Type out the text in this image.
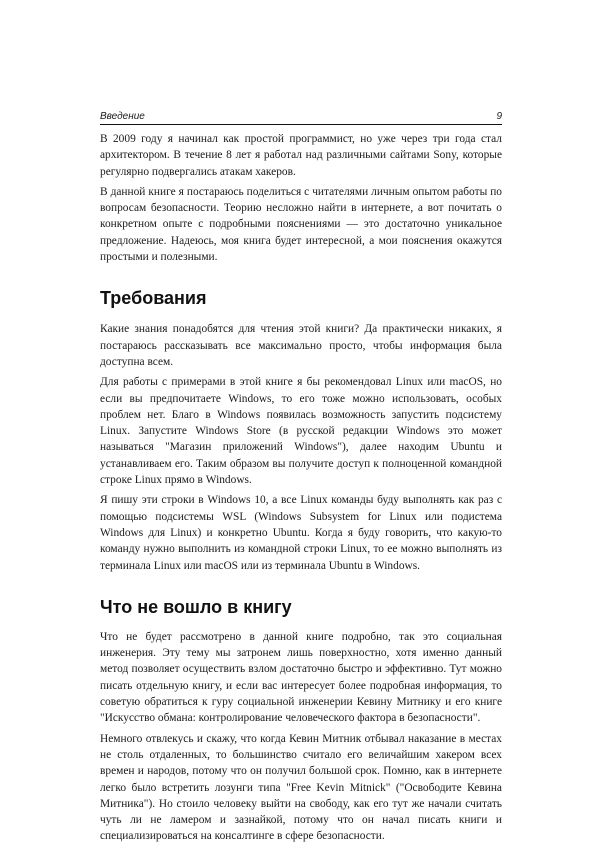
Введение	9

В 2009 году я начинал как простой программист, но уже через три года стал архитектором. В течение 8 лет я работал над различными сайтами Sony, которые регулярно подвергались атакам хакеров.

В данной книге я постараюсь поделиться с читателями личным опытом работы по вопросам безопасности. Теорию несложно найти в интернете, а вот почитать о конкретном опыте с подробными пояснениями — это достаточно уникальное предложение. Надеюсь, моя книга будет интересной, а мои пояснения окажутся простыми и полезными.

Требования

Какие знания понадобятся для чтения этой книги? Да практически никаких, я постараюсь рассказывать все максимально просто, чтобы информация была доступна всем.

Для работы с примерами в этой книге я бы рекомендовал Linux или macOS, но если вы предпочитаете Windows, то его тоже можно использовать, особых проблем нет. Благо в Windows появилась возможность запустить подсистему Linux. Запустите Windows Store (в русской редакции Windows это может называться "Магазин приложений Windows"), далее находим Ubuntu и устанавливаем его. Таким образом вы получите доступ к полноценной командной строке Linux прямо в Windows.

Я пишу эти строки в Windows 10, а все Linux команды буду выполнять как раз с помощью подсистемы WSL (Windows Subsystem for Linux или подистема Windows для Linux) и конкретно Ubuntu. Когда я буду говорить, что какую-то команду нужно выполнить из командной строки Linux, то ее можно выполнять из терминала Linux или macOS или из терминала Ubuntu в Windows.

Что не вошло в книгу

Что не будет рассмотрено в данной книге подробно, так это социальная инженерия. Эту тему мы затронем лишь поверхностно, хотя именно данный метод позволяет осуществить взлом достаточно быстро и эффективно. Тут можно писать отдельную книгу, и если вас интересует более подробная информация, то советую обратиться к гуру социальной инженерии Кевину Митнику и его книге "Искусство обмана: контролирование человеческого фактора в безопасности".

Немного отвлекусь и скажу, что когда Кевин Митник отбывал наказание в местах не столь отдаленных, то большинство считало его величайшим хакером всех времен и народов, потому что он получил большой срок. Помню, как в интернете легко было встретить лозунги типа "Free Kevin Mitnick" ("Освободите Кевина Митника"). Но стоило человеку выйти на свободу, как его тут же начали считать чуть ли не ламером и зазнайкой, потому что он начал писать книги и специализироваться на консалтинге в сфере безопасности.
